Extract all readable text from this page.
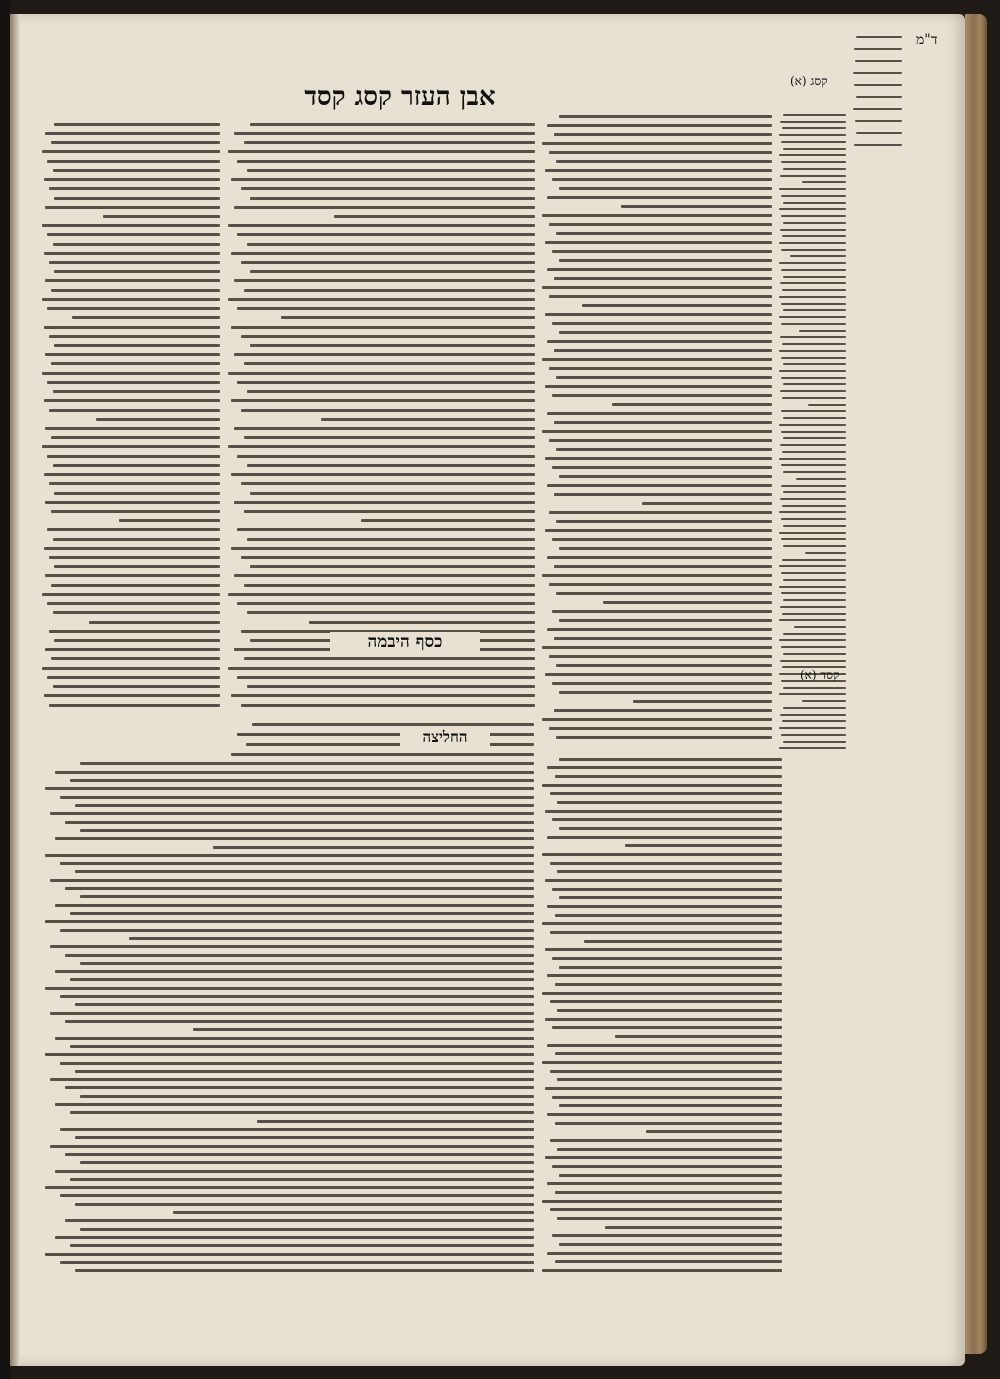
אבן העזר קסג קסד
ד"מ
כסף היבמה
החליצה
קסג (א)
קסד (א)
